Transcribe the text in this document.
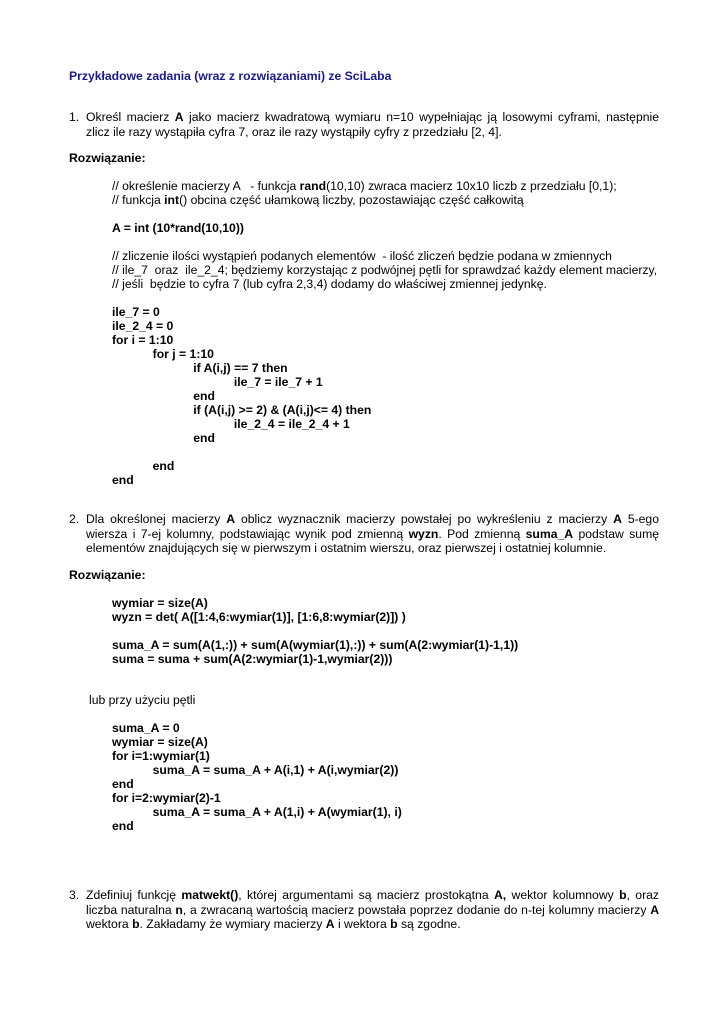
Przykładowe zadania (wraz z rozwiązaniami) ze SciLaba
1. Określ macierz A jako macierz kwadratową wymiaru n=10 wypełniając ją losowymi cyframi, następnie zlicz ile razy wystąpiła cyfra 7, oraz ile razy wystąpiły cyfry z przedziału [2, 4].
Rozwiązanie:
// określenie macierzy A   - funkcja rand(10,10) zwraca macierz 10x10 liczb z przedziału [0,1);
// funkcja int() obcina część ułamkową liczby, pozostawiając część całkowitą
A = int (10*rand(10,10))
// zliczenie ilości wystąpień podanych elementów  - ilość zliczeń będzie podana w zmiennych
// ile_7  oraz  ile_2_4; będziemy korzystając z podwójnej pętli for sprawdzać każdy element macierzy,
// jeśli  będzie to cyfra 7 (lub cyfra 2,3,4) dodamy do właściwej zmiennej jedynkę.
ile_7 = 0
ile_2_4 = 0
for i = 1:10
for j = 1:10
if A(i,j) == 7 then
ile_7 = ile_7 + 1
end
if (A(i,j) >= 2) & (A(i,j)<= 4) then
ile_2_4 = ile_2_4 + 1
end
end
end
2. Dla określonej macierzy A oblicz wyznacznik macierzy powstałej po wykreśleniu z macierzy A 5-ego wiersza i 7-ej kolumny, podstawiając wynik pod zmienną wyzn. Pod zmienną suma_A podstaw sumę elementów znajdujących się w pierwszym i ostatnim wierszu, oraz pierwszej i ostatniej kolumnie.
Rozwiązanie:
wymiar = size(A)
wyzn = det( A([1:4,6:wymiar(1)], [1:6,8:wymiar(2)]) )
suma_A = sum(A(1,:)) + sum(A(wymiar(1),:)) + sum(A(2:wymiar(1)-1,1))
suma = suma + sum(A(2:wymiar(1)-1,wymiar(2)))
lub przy użyciu pętli
suma_A = 0
wymiar = size(A)
for i=1:wymiar(1)
suma_A = suma_A + A(i,1) + A(i,wymiar(2))
end
for i=2:wymiar(2)-1
suma_A = suma_A + A(1,i) + A(wymiar(1), i)
end
3. Zdefiniuj funkcję matwekt(), której argumentami są macierz prostokątna A, wektor kolumnowy b, oraz liczba naturalna n, a zwracaną wartością macierz powstała poprzez dodanie do n-tej kolumny macierzy A wektora b. Zakładamy że wymiary macierzy A i wektora b są zgodne.
